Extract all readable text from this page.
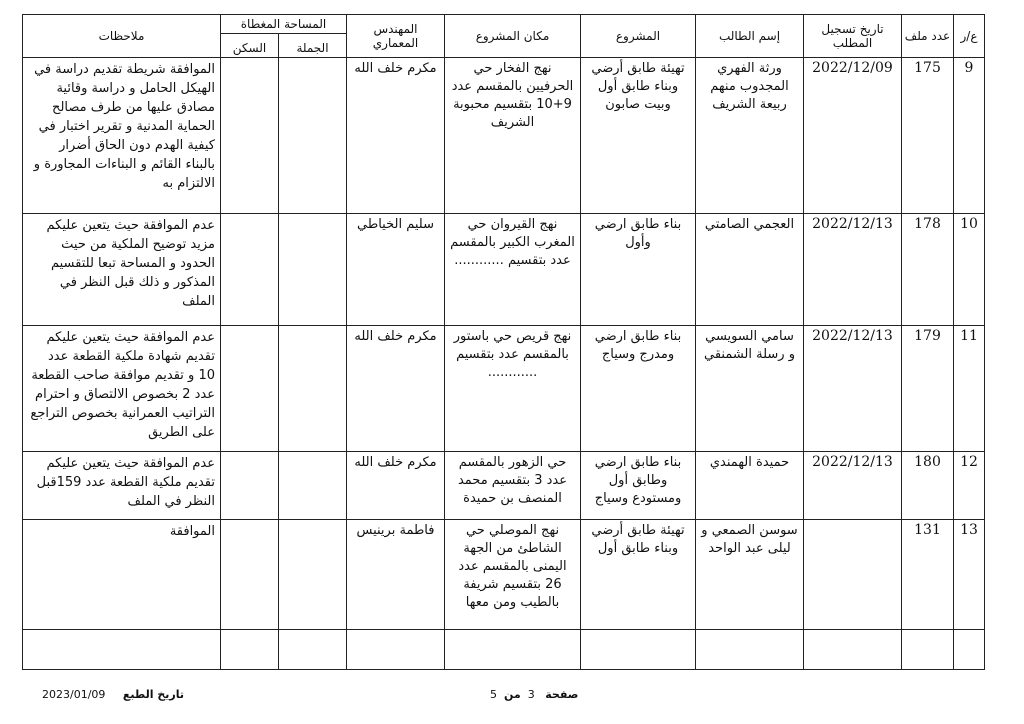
ع/ر	عدد ملف	تاريخ تسجيل المطلب	إسم الطالب	المشروع	مكان المشروع	المهندس المعماري	المساحة المغطاة		ملاحظات
							الجملة	السكن	
9	175	2022/12/09	ورثة الفهري المجدوب منهم ربيعة الشريف	تهيئة طابق أرضي وبناء طابق أول وبيت صابون	نهج الفخار حي الحرفيين بالمقسم عدد 9+10 بتقسيم محبوبة الشريف	مكرم خلف الله			الموافقة شريطة تقديم دراسة في الهيكل الحامل و دراسة وقائية مصادق عليها من طرف مصالح الحماية المدنية و تقرير اختبار في كيفية الهدم دون الحاق أضرار بالبناء القائم و البناءات المجاورة و الالتزام به
10	178	2022/12/13	العجمي الصامتي	بناء طابق ارضي وأول	نهج القيروان حي المغرب الكبير بالمقسم عدد بتقسيم ............	سليم الخياطي			عدم الموافقة حيث يتعين عليكم مزيد توضيح الملكية من حيث الحدود و المساحة تبعا للتقسيم المذكور و ذلك قبل النظر في الملف
11	179	2022/12/13	سامي السويسي و رسلة الشمنقي	بناء طابق ارضي ومدرج وسياج	نهج قريص حي باستور بالمقسم عدد بتقسيم ............	مكرم خلف الله			عدم الموافقة حيث يتعين عليكم تقديم شهادة ملكية القطعة عدد 10 و تقديم موافقة صاحب القطعة عدد 2 بخصوص الالتصاق و احترام التراتيب العمرانية بخصوص التراجع على الطريق
12	180	2022/12/13	حميدة الهمندي	بناء طابق ارضي وطابق أول ومستودع وسياج	حي الزهور بالمقسم عدد 3 بتقسيم محمد المنصف بن حميدة	مكرم خلف الله			عدم الموافقة حيث يتعين عليكم تقديم ملكية القطعة عدد 159قبل النظر في الملف
13	131		سوسن الصمعي و ليلى عبد الواحد	تهيئة طابق أرضي وبناء طابق أول	نهج الموصلي حي الشاطئ من الجهة اليمنى بالمقسم عدد 26 بتقسيم شريفة بالطيب ومن معها	فاطمة برينيس			الموافقة

صفحة   3  من  5
تاريخ الطبع     2023/01/09
